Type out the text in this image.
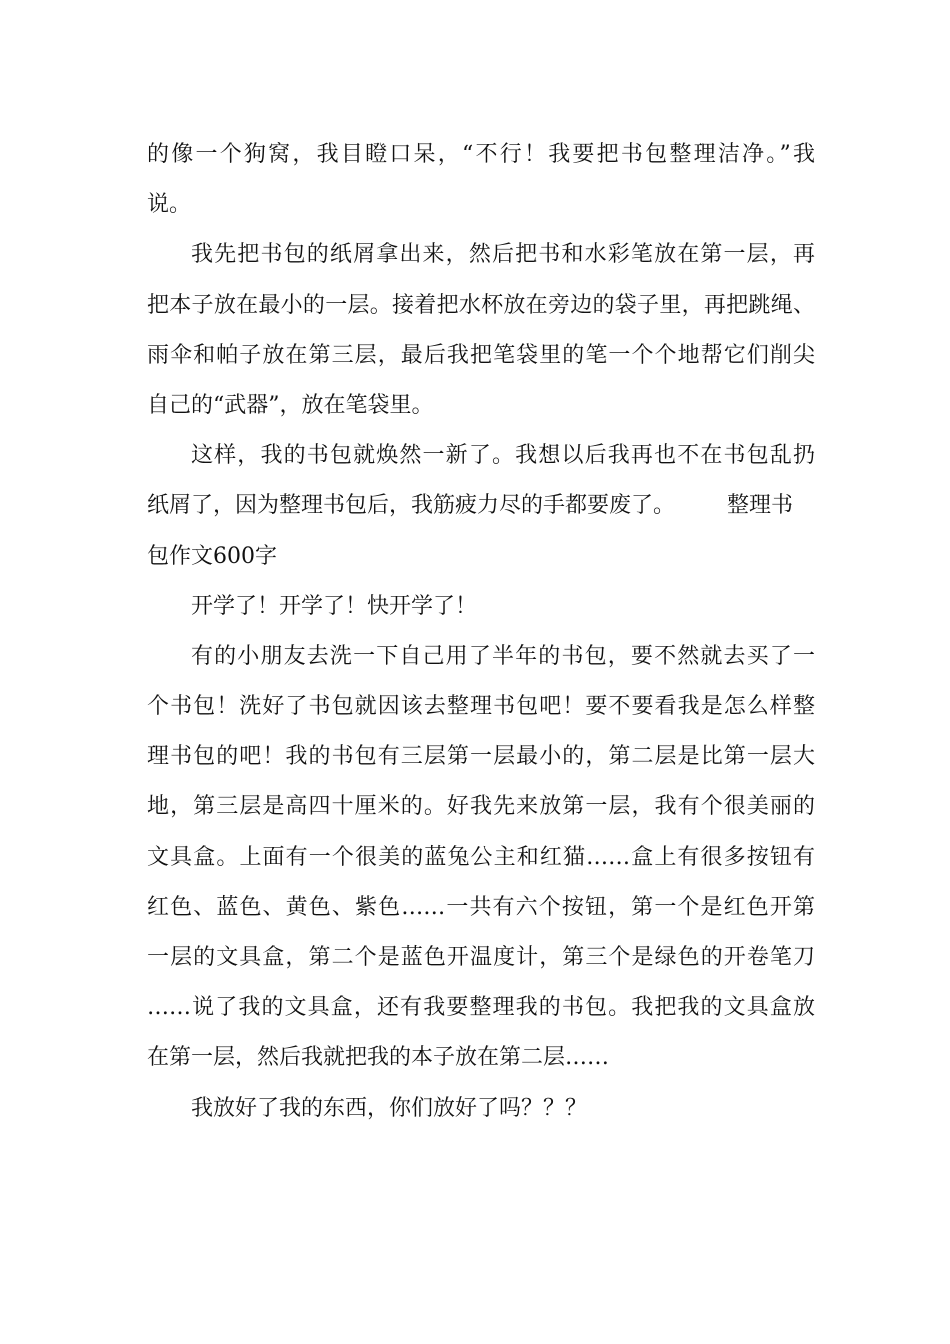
的像一个狗窝，我目瞪口呆，“不行！我要把书包整理洁净。”我
说。
我先把书包的纸屑拿出来，然后把书和水彩笔放在第一层，再
把本子放在最小的一层。接着把水杯放在旁边的袋子里，再把跳绳、
雨伞和帕子放在第三层，最后我把笔袋里的笔一个个地帮它们削尖
自己的“武器”，放在笔袋里。
这样，我的书包就焕然一新了。我想以后我再也不在书包乱扔
纸屑了，因为整理书包后，我筋疲力尽的手都要废了。 整理书
包作文600字
开学了！开学了！快开学了！
有的小朋友去洗一下自己用了半年的书包，要不然就去买了一
个书包！洗好了书包就因该去整理书包吧！要不要看我是怎么样整
理书包的吧！我的书包有三层第一层最小的，第二层是比第一层大
地，第三层是高四十厘米的。好我先来放第一层，我有个很美丽的
文具盒。上面有一个很美的蓝兔公主和红猫……盒上有很多按钮有
红色、蓝色、黄色、紫色……一共有六个按钮，第一个是红色开第
一层的文具盒，第二个是蓝色开温度计，第三个是绿色的开卷笔刀
……说了我的文具盒，还有我要整理我的书包。我把我的文具盒放
在第一层，然后我就把我的本子放在第二层……
我放好了我的东西，你们放好了吗？？？
